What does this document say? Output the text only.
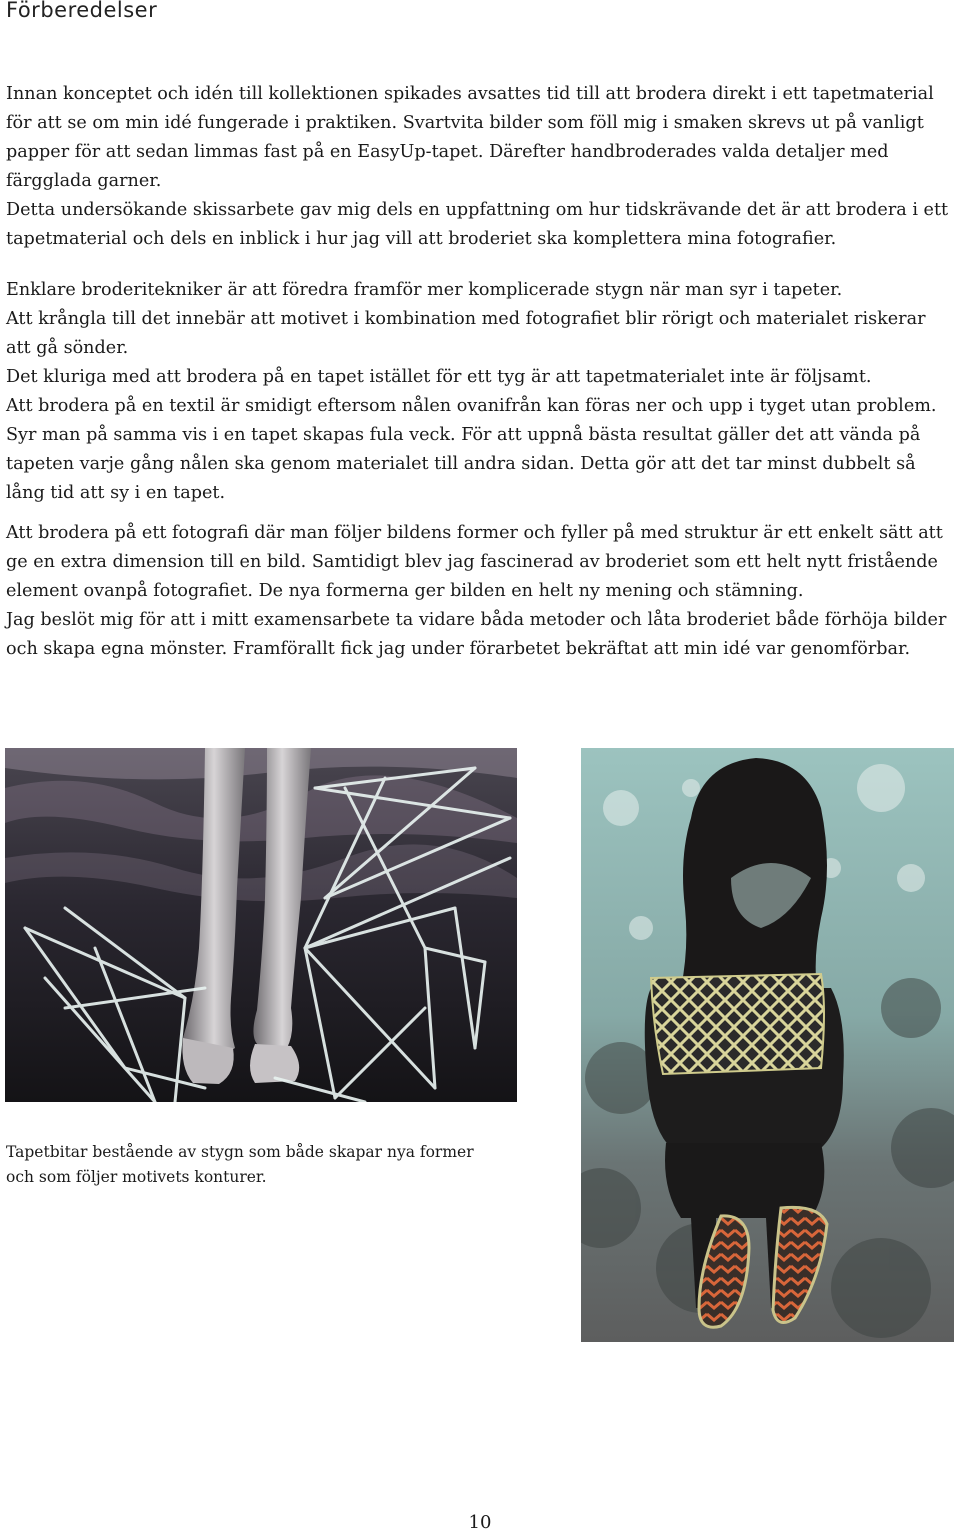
Förberedelser

Innan konceptet och idén till kollektionen spikades avsattes tid till att brodera direkt i ett tapetmaterial för att se om min idé fungerade i praktiken. Svartvita bilder som föll mig i smaken skrevs ut på vanligt papper för att sedan limmas fast på en EasyUp-tapet. Därefter handbroderades valda detaljer med färgglada garner.

Detta undersökande skissarbete gav mig dels en uppfattning om hur tidskrävande det är att brodera i ett tapetmaterial och dels en inblick i hur jag vill att broderiet ska komplettera mina fotografier.

Enklare broderitekniker är att föredra framför mer komplicerade stygn när man syr i tapeter.

Att krångla till det innebär att motivet i kombination med fotografiet blir rörigt och materialet riskerar att gå sönder.

Det kluriga med att brodera på en tapet istället för ett tyg är att tapetmaterialet inte är följsamt.

Att brodera på en textil är smidigt eftersom nålen ovanifrån kan föras ner och upp i tyget utan problem. Syr man på samma vis i en tapet skapas fula veck. För att uppnå bästa resultat gäller det att vända på tapeten varje gång nålen ska genom materialet till andra sidan. Detta gör att det tar minst dubbelt så lång tid att sy i en tapet.

Att brodera på ett fotografi där man följer bildens former och fyller på med struktur är ett enkelt sätt att ge en extra dimension till en bild. Samtidigt blev jag fascinerad av broderiet som ett helt nytt fristående element ovanpå fotografiet. De nya formerna ger bilden en helt ny mening och stämning.

Jag beslöt mig för att i mitt examensarbete ta vidare båda metoder och låta broderiet både förhöja bilder och skapa egna mönster. Framförallt fick jag under förarbetet bekräftat att min idé var genomförbar.

Tapetbitar bestående av stygn som både skapar nya former och som följer motivets konturer.
10
